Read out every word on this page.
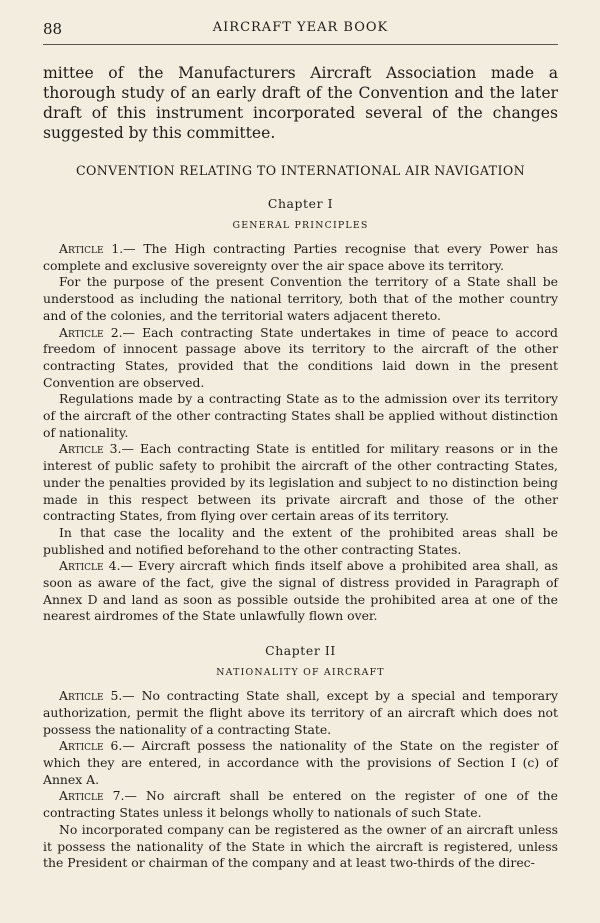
88	AIRCRAFT YEAR BOOK

mittee of the Manufacturers Aircraft Association made a thorough study of an early draft of the Convention and the later draft of this instrument incorporated several of the changes suggested by this committee.

CONVENTION RELATING TO INTERNATIONAL AIR NAVIGATION
Chapter I
GENERAL PRINCIPLES

Article 1.— The High contracting Parties recognise that every Power has complete and exclusive sovereignty over the air space above its territory.

For the purpose of the present Convention the territory of a State shall be understood as including the national territory, both that of the mother country and of the colonies, and the territorial waters adjacent thereto.

Article 2.— Each contracting State undertakes in time of peace to accord freedom of innocent passage above its territory to the aircraft of the other contracting States, provided that the conditions laid down in the present Convention are observed.

Regulations made by a contracting State as to the admission over its territory of the aircraft of the other contracting States shall be applied without distinction of nationality.

Article 3.— Each contracting State is entitled for military reasons or in the interest of public safety to prohibit the aircraft of the other contracting States, under the penalties provided by its legislation and subject to no distinction being made in this respect between its private aircraft and those of the other contracting States, from flying over certain areas of its territory.

In that case the locality and the extent of the prohibited areas shall be published and notified beforehand to the other contracting States.

Article 4.— Every aircraft which finds itself above a prohibited area shall, as soon as aware of the fact, give the signal of distress provided in Paragraph of Annex D and land as soon as possible outside the prohibited area at one of the nearest airdromes of the State unlawfully flown over.

Chapter II
NATIONALITY OF AIRCRAFT

Article 5.— No contracting State shall, except by a special and temporary authorization, permit the flight above its territory of an aircraft which does not possess the nationality of a contracting State.

Article 6.— Aircraft possess the nationality of the State on the register of which they are entered, in accordance with the provisions of Section I (c) of Annex A.

Article 7.— No aircraft shall be entered on the register of one of the contracting States unless it belongs wholly to nationals of such State.

No incorporated company can be registered as the owner of an aircraft unless it possess the nationality of the State in which the aircraft is registered, unless the President or chairman of the company and at least two-thirds of the direc-
